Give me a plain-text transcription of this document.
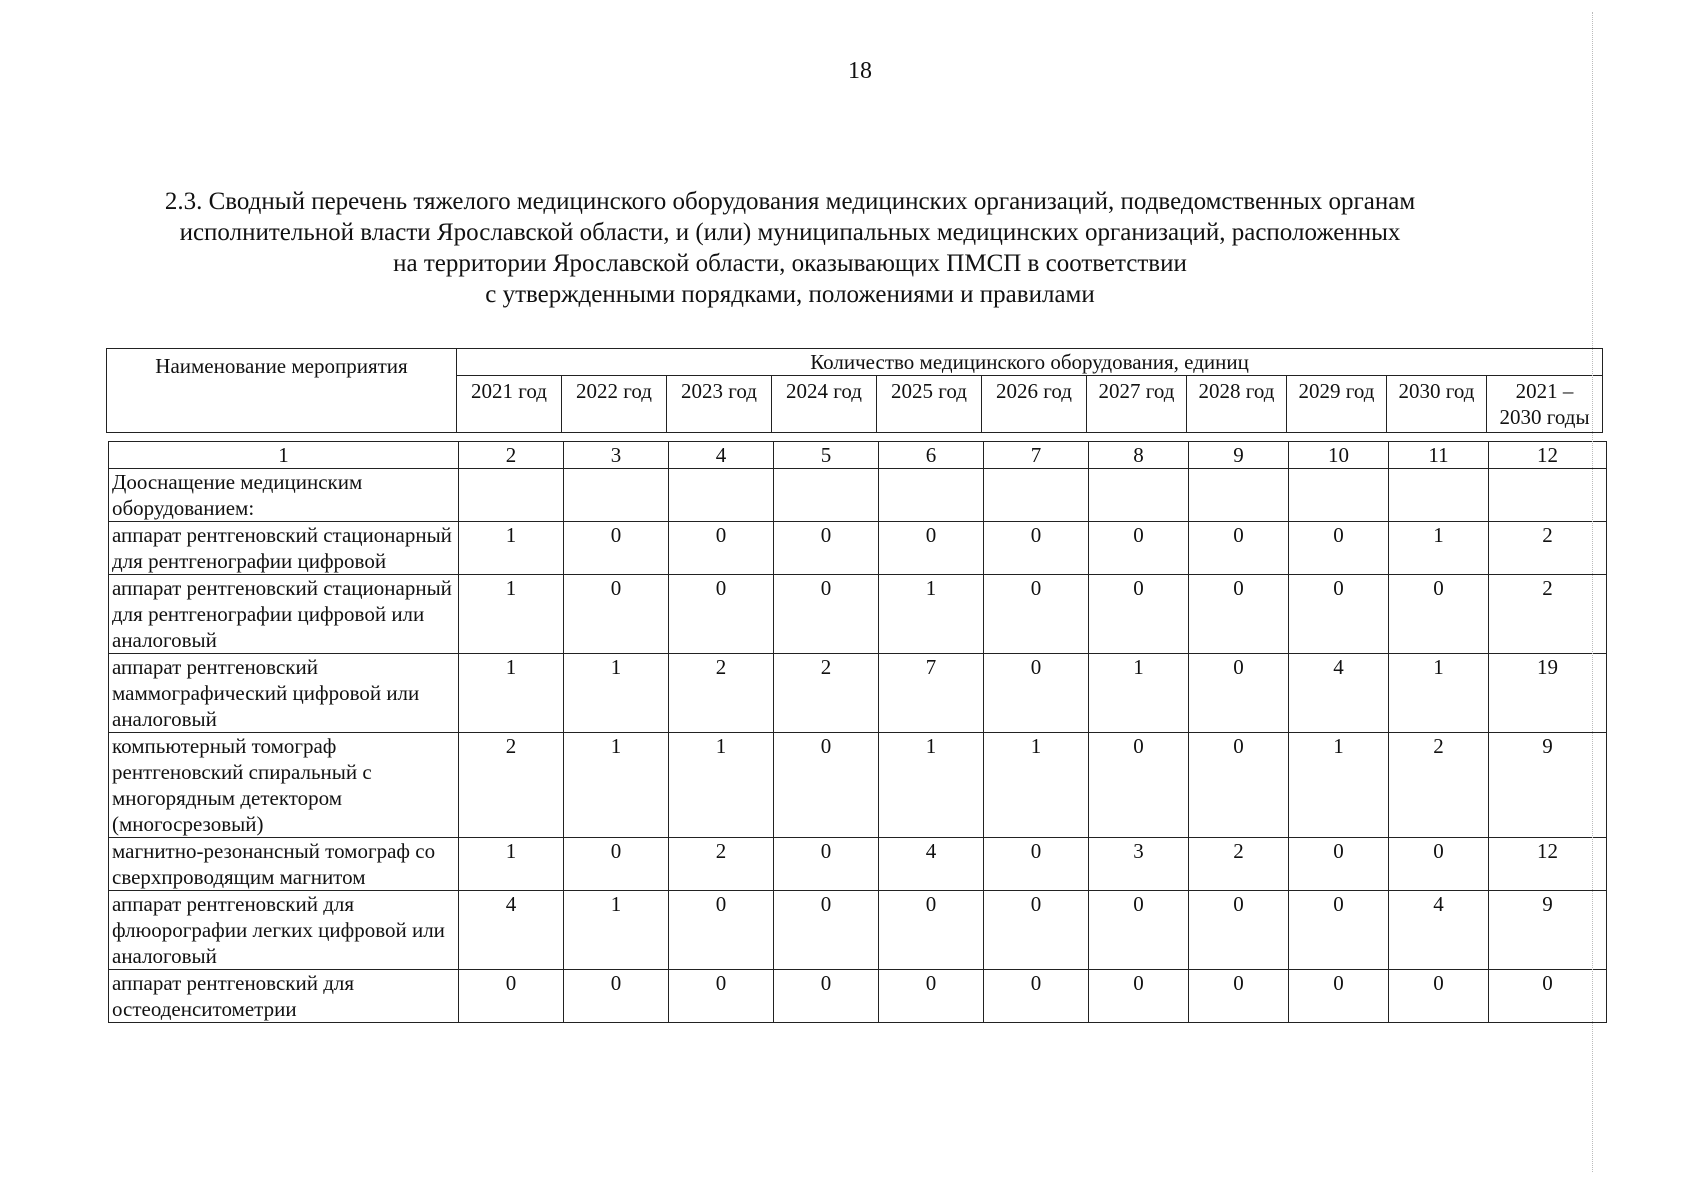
18
2.3. Сводный перечень тяжелого медицинского оборудования медицинских организаций, подведомственных органам
исполнительной власти Ярославской области, и (или) муниципальных медицинских организаций, расположенных
на территории Ярославской области, оказывающих ПМСП в соответствии
с утвержденными порядками, положениями и правилами
Наименование мероприятия	Количество медицинского оборудования, единиц										
	2021 год	2022 год	2023 год	2024 год	2025 год	2026 год	2027 год	2028 год	2029 год	2030 год	2021 –
2030 годы
1	2	3	4	5	6	7	8	9	10	11	12
Дооснащение медицинским оборудованием:											
аппарат рентгеновский стационарный для рентгенографии цифровой	1	0	0	0	0	0	0	0	0	1	2
аппарат рентгеновский стационарный для рентгенографии цифровой или аналоговый	1	0	0	0	1	0	0	0	0	0	2
аппарат рентгеновский маммографический цифровой или аналоговый	1	1	2	2	7	0	1	0	4	1	19
компьютерный томограф рентгеновский спиральный с многорядным детектором (многосрезовый)	2	1	1	0	1	1	0	0	1	2	9
магнитно-резонансный томограф со сверхпроводящим магнитом	1	0	2	0	4	0	3	2	0	0	12
аппарат рентгеновский для флюорографии легких цифровой или аналоговый	4	1	0	0	0	0	0	0	0	4	9
аппарат рентгеновский для остеоденситометрии	0	0	0	0	0	0	0	0	0	0	0
